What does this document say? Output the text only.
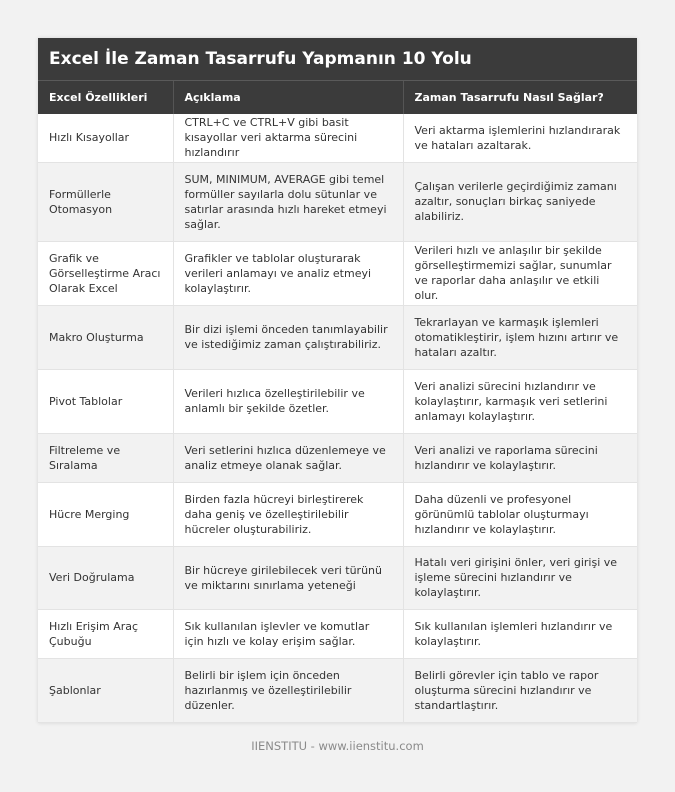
Excel İle Zaman Tasarrufu Yapmanın 10 Yolu
Excel Özellikleri	Açıklama	Zaman Tasarrufu Nasıl Sağlar?
Hızlı Kısayollar	CTRL+C ve CTRL+V gibi basit kısayollar veri aktarma sürecini hızlandırır	Veri aktarma işlemlerini hızlandırarak ve hataları azaltarak.
Formüllerle Otomasyon	SUM, MINIMUM, AVERAGE gibi temel formüller sayılarla dolu sütunlar ve satırlar arasında hızlı hareket etmeyi sağlar.	Çalışan verilerle geçirdiğimiz zamanı azaltır, sonuçları birkaç saniyede alabiliriz.
Grafik ve Görselleştirme Aracı Olarak Excel	Grafikler ve tablolar oluşturarak verileri anlamayı ve analiz etmeyi kolaylaştırır.	Verileri hızlı ve anlaşılır bir şekilde görselleştirmemizi sağlar, sunumlar ve raporlar daha anlaşılır ve etkili olur.
Makro Oluşturma	Bir dizi işlemi önceden tanımlayabilir ve istediğimiz zaman çalıştırabiliriz.	Tekrarlayan ve karmaşık işlemleri otomatikleştirir, işlem hızını artırır ve hataları azaltır.
Pivot Tablolar	Verileri hızlıca özelleştirilebilir ve anlamlı bir şekilde özetler.	Veri analizi sürecini hızlandırır ve kolaylaştırır, karmaşık veri setlerini anlamayı kolaylaştırır.
Filtreleme ve Sıralama	Veri setlerini hızlıca düzenlemeye ve analiz etmeye olanak sağlar.	Veri analizi ve raporlama sürecini hızlandırır ve kolaylaştırır.
Hücre Merging	Birden fazla hücreyi birleştirerek daha geniş ve özelleştirilebilir hücreler oluşturabiliriz.	Daha düzenli ve profesyonel görünümlü tablolar oluşturmayı hızlandırır ve kolaylaştırır.
Veri Doğrulama	Bir hücreye girilebilecek veri türünü ve miktarını sınırlama yeteneği	Hatalı veri girişini önler, veri girişi ve işleme sürecini hızlandırır ve kolaylaştırır.
Hızlı Erişim Araç Çubuğu	Sık kullanılan işlevler ve komutlar için hızlı ve kolay erişim sağlar.	Sık kullanılan işlemleri hızlandırır ve kolaylaştırır.
Şablonlar	Belirli bir işlem için önceden hazırlanmış ve özelleştirilebilir düzenler.	Belirli görevler için tablo ve rapor oluşturma sürecini hızlandırır ve standartlaştırır.
IIENSTITU - www.iienstitu.com
